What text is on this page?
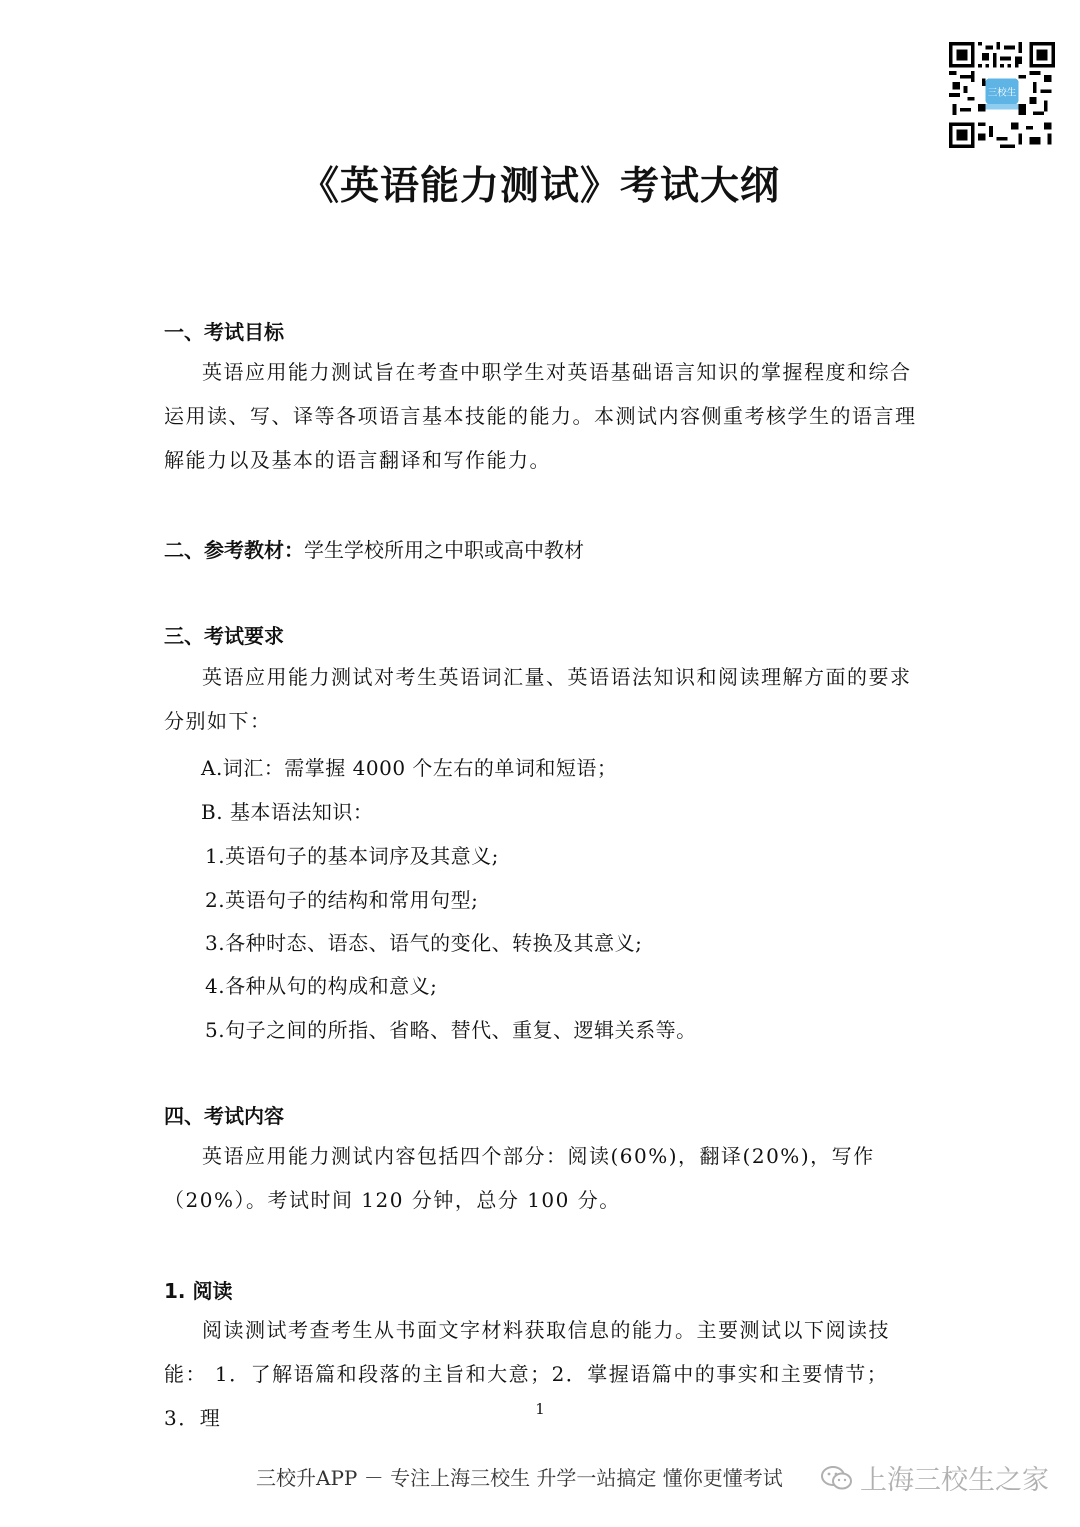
三校生
《英语能力测试》考试大纲
一、考试目标
英语应用能力测试旨在考查中职学生对英语基础语言知识的掌握程度和综合运用读、写、译等各项语言基本技能的能力。本测试内容侧重考核学生的语言理解能力以及基本的语言翻译和写作能力。
二、参考教材：学生学校所用之中职或高中教材
三、考试要求
英语应用能力测试对考生英语词汇量、英语语法知识和阅读理解方面的要求分别如下：
A.词汇：需掌握 4000 个左右的单词和短语；
B. 基本语法知识：
1.英语句子的基本词序及其意义;
2.英语句子的结构和常用句型;
3.各种时态、语态、语气的变化、转换及其意义;
4.各种从句的构成和意义;
5.句子之间的所指、省略、替代、重复、逻辑关系等。
四、考试内容
英语应用能力测试内容包括四个部分：阅读(60%)，翻译(20%)，写作（20%）。考试时间 120 分钟，总分 100 分。
1. 阅读
阅读测试考查考生从书面文字材料获取信息的能力。主要测试以下阅读技能： 1．了解语篇和段落的主旨和大意；2．掌握语篇中的事实和主要情节；3．理	1
三校升APP － 专注上海三校生 升学一站搞定 懂你更懂考试	上海三校生之家
